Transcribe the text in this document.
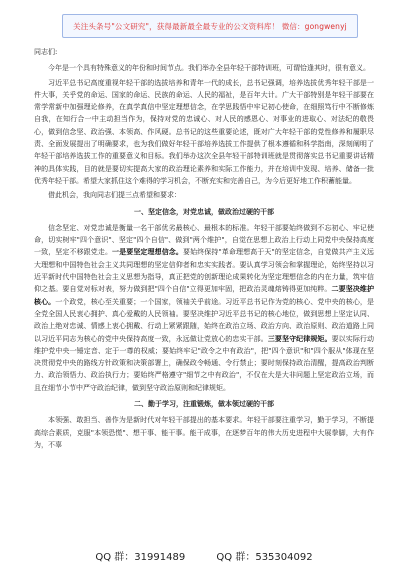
关注头条号"公文研究"，获得最新最全最专业的公文资料库！ 微信：gongwenyj
同志们:

今年是一个具有特殊意义的年份和时间节点。我们举办全县年轻干部特训班，可谓恰逢其时，很有意义。

习近平总书记高度重视年轻干部的选拔培养和青年一代的成长，总书记强调，培养选拔优秀年轻干部是一件大事，关乎党的命运、国家的命运、民族的命运、人民的福祉，是百年大计。广大干部特别是年轻干部要在常学常新中加强理论修养，在真学真信中坚定理想信念，在学思践悟中牢记初心使命，在细照笃行中不断修炼自我，在知行合一中主动担当作为，保持对党的忠诚心、对人民的感恩心、对事业的进取心、对法纪的敬畏心，做到信念坚、政治强、本领高、作风硬。总书记的这些重要论述，既对广大年轻干部的党性修养和履职尽责、全面发展提出了明确要求，也为我们做好年轻干部培养选拔工作提供了根本遵循和科学指南，深刻阐明了年轻干部培养选拔工作的重要意义和目标。我们举办这次全县年轻干部特训班就是贯彻落实总书记重要讲话精神的具体实践，目的就是要切实提高大家的政治理论素养和实际工作能力，并在培训中发现、培养、储备一批优秀年轻干部。希望大家抓住这个难得的学习机会，不断充实和完善自己，为今后更好地工作积蓄能量。

借此机会，我向同志们提三点希望和要求：

一、坚定信念，对党忠诚，做政治过硬的干部

信念坚定、对党忠诚是衡量一名干部优劣最核心、最根本的标准。年轻干部要始终做到不忘初心、牢记使命，切实树牢"四个意识"、坚定"四个自信"、做到"两个维护"，自觉在思想上政治上行动上同党中央保持高度一致，坚定不移跟党走。一是要坚定理想信念。要始终保持"革命理想高于天"的坚定信念，自觉做共产主义远大理想和中国特色社会主义共同理想的坚定信仰者和忠实实践者。要认真学习领会和掌握理论，始终坚持以习近平新时代中国特色社会主义思想为指导，真正把党的创新理论成果转化为坚定理想信念的内在力量，筑牢信仰之基。要自觉对标对表，努力做到把"四个自信"立得更加牢固，把政治灵魂熔铸得更加纯粹。二要坚决维护核心。一个政党，核心至关重要；一个国家，领袖关乎前途。习近平总书记作为党的核心、党中央的核心，是全党全国人民衷心拥护、真心爱戴的人民领袖。要坚决维护习近平总书记的核心地位，做到思想上坚定认同、政治上绝对忠诚、情感上衷心拥戴、行动上紧紧跟随，始终在政治立场、政治方向、政治原则、政治道路上同以习近平同志为核心的党中央保持高度一致，永远做让党放心的忠实干部。三要坚守纪律规矩。要以实际行动维护党中央一锤定音、定于一尊的权威；要始终牢记"政令之中有政治"，把"四个意识"和"四个服从"体现在坚决贯彻党中央的路线方针政策和决策部署上，确保政令畅通、令行禁止；要时刻保持政治清醒，提高政治判断力、政治领悟力、政治执行力；要始终严格遵守"细节之中有政治"，不仅在大是大非问题上坚定政治立场，而且在细节小节中严守政治纪律，做到坚守政治原则和纪律规矩。

二、勤于学习，注重锻炼，做本领过硬的干部

本领强、敢担当、善作为是新时代对年轻干部提出的基本要求。年轻干部要注重学习，勤于学习，不断提高综合素质，克服"本领恐慌"、想干事、能干事。能干成事，在逐梦百年的伟大历史进程中大展拳脚，大有作为，不辜

QQ 群：31991489	QQ 群：535304092
